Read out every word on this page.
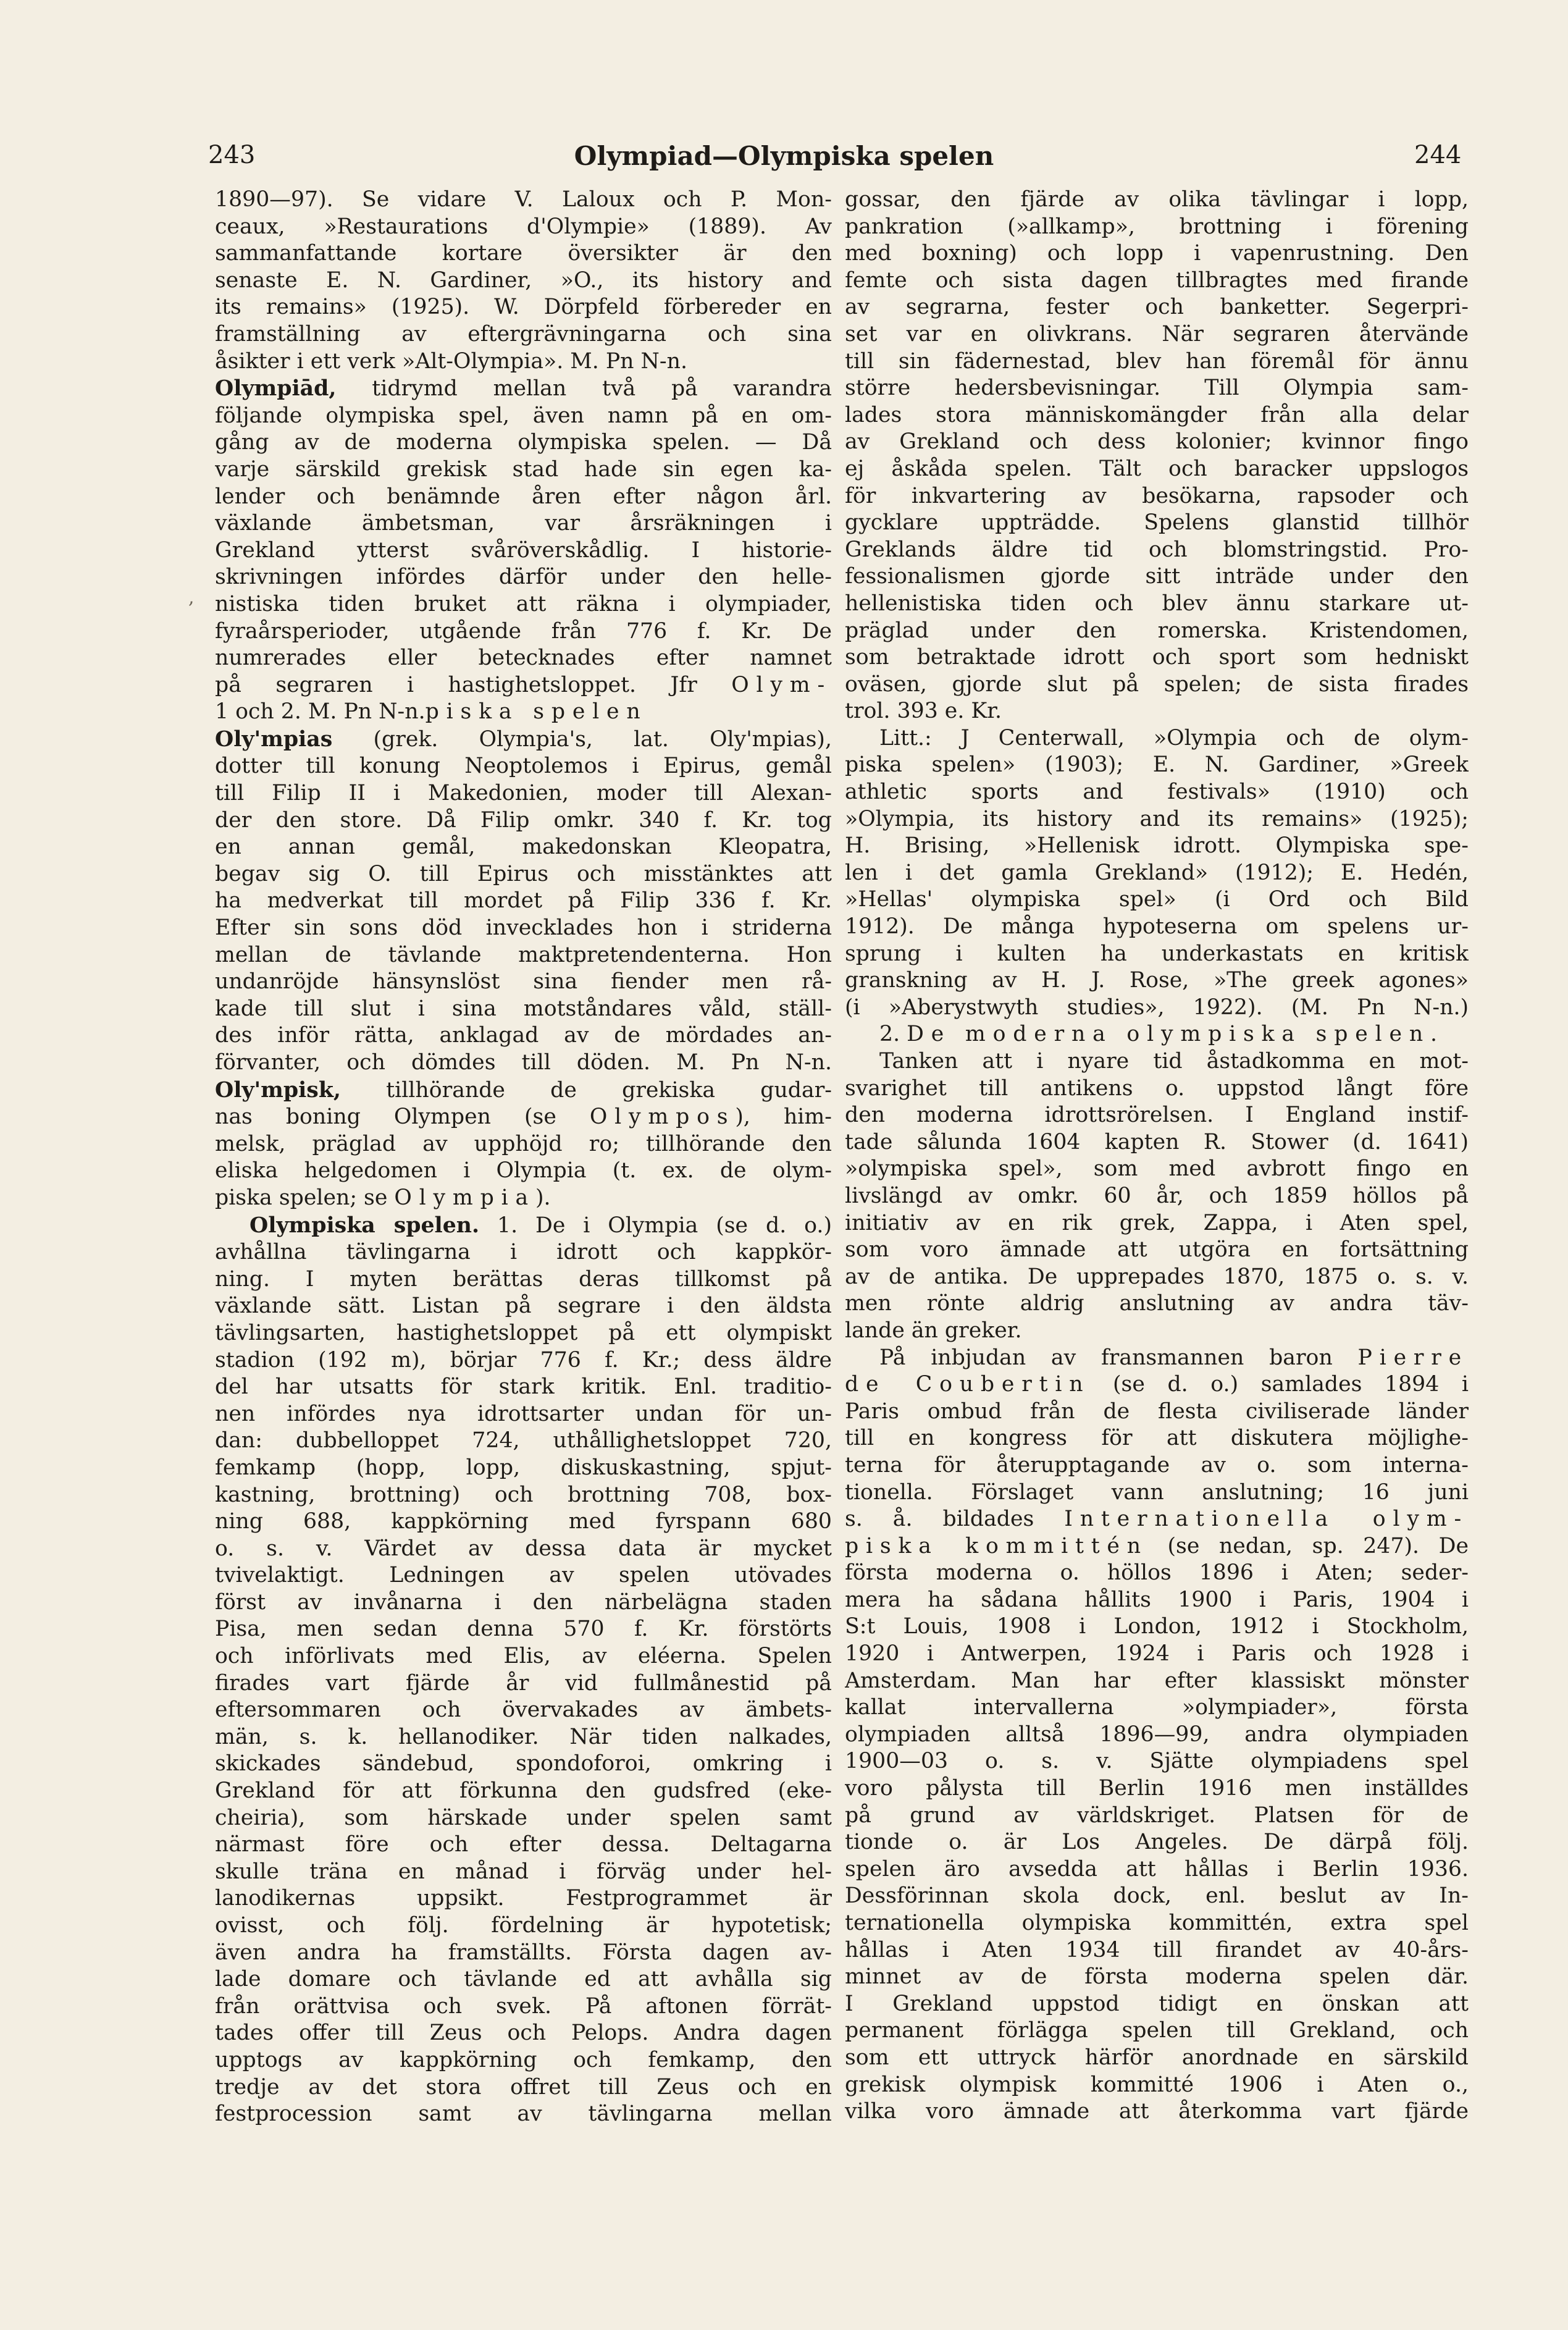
243	Olympiad—Olympiska spelen	244
,

1890—97). Se vidare V. Laloux och P. Mon-

ceaux, »Restaurations d'Olympie» (1889). Av

sammanfattande kortare översikter är den

senaste E. N. Gardiner, »O., its history and

its remains» (1925). W. Dörpfeld förbereder en

framställning av eftergrävningarna och sina

åsikter i ett verk »Alt-Olympia». M. Pn N-n.

Olympiād, tidrymd mellan två på varandra

följande olympiska spel, även namn på en om-

gång av de moderna olympiska spelen. — Då

varje särskild grekisk stad hade sin egen ka-

lender och benämnde åren efter någon årl.

växlande ämbetsman, var årsräkningen i

Grekland ytterst svåröverskådlig. I historie-

skrivningen infördes därför under den helle-

nistiska tiden bruket att räkna i olympiader,

fyraårsperioder, utgående från 776 f. Kr. De

numrerades eller betecknades efter namnet

på segraren i hastighetsloppet. Jfr Olym-

1 och 2. M. Pn N-n.piska spelen

Oly'mpias (grek. Olympia's, lat. Oly'mpias),

dotter till konung Neoptolemos i Epirus, gemål

till Filip II i Makedonien, moder till Alexan-

der den store. Då Filip omkr. 340 f. Kr. tog

en annan gemål, makedonskan Kleopatra,

begav sig O. till Epirus och misstänktes att

ha medverkat till mordet på Filip 336 f. Kr.

Efter sin sons död invecklades hon i striderna

mellan de tävlande maktpretendenterna. Hon

undanröjde hänsynslöst sina fiender men rå-

kade till slut i sina motståndares våld, ställ-

des inför rätta, anklagad av de mördades an-

förvanter, och dömdes till döden. M. Pn N-n.

Oly'mpisk, tillhörande de grekiska gudar-

nas boning Olympen (se Olympos), him-

melsk, präglad av upphöjd ro; tillhörande den

eliska helgedomen i Olympia (t. ex. de olym-

piska spelen; se Olympia).

Olympiska spelen. 1. De i Olympia (se d. o.)

avhållna tävlingarna i idrott och kappkör-

ning. I myten berättas deras tillkomst på

växlande sätt. Listan på segrare i den äldsta

tävlingsarten, hastighetsloppet på ett olympiskt

stadion (192 m), börjar 776 f. Kr.; dess äldre

del har utsatts för stark kritik. Enl. traditio-

nen infördes nya idrottsarter undan för un-

dan: dubbelloppet 724, uthållighetsloppet 720,

femkamp (hopp, lopp, diskuskastning, spjut-

kastning, brottning) och brottning 708, box-

ning 688, kappkörning med fyrspann 680

o. s. v. Värdet av dessa data är mycket

tvivelaktigt. Ledningen av spelen utövades

först av invånarna i den närbelägna staden

Pisa, men sedan denna 570 f. Kr. förstörts

och införlivats med Elis, av eléerna. Spelen

firades vart fjärde år vid fullmånestid på

eftersommaren och övervakades av ämbets-

män, s. k. hellanodiker. När tiden nalkades,

skickades sändebud, spondoforoi, omkring i

Grekland för att förkunna den gudsfred (eke-

cheiria), som härskade under spelen samt

närmast före och efter dessa. Deltagarna

skulle träna en månad i förväg under hel-

lanodikernas uppsikt. Festprogrammet är

ovisst, och följ. fördelning är hypotetisk;

även andra ha framställts. Första dagen av-

lade domare och tävlande ed att avhålla sig

från orättvisa och svek. På aftonen förrät-

tades offer till Zeus och Pelops. Andra dagen

upptogs av kappkörning och femkamp, den

tredje av det stora offret till Zeus och en

festprocession samt av tävlingarna mellan

gossar, den fjärde av olika tävlingar i lopp,

pankration (»allkamp», brottning i förening

med boxning) och lopp i vapenrustning. Den

femte och sista dagen tillbragtes med firande

av segrarna, fester och banketter. Segerpri-

set var en olivkrans. När segraren återvände

till sin fädernestad, blev han föremål för ännu

större hedersbevisningar. Till Olympia sam-

lades stora människomängder från alla delar

av Grekland och dess kolonier; kvinnor fingo

ej åskåda spelen. Tält och baracker uppslogos

för inkvartering av besökarna, rapsoder och

gycklare uppträdde. Spelens glanstid tillhör

Greklands äldre tid och blomstringstid. Pro-

fessionalismen gjorde sitt inträde under den

hellenistiska tiden och blev ännu starkare ut-

präglad under den romerska. Kristendomen,

som betraktade idrott och sport som hedniskt

oväsen, gjorde slut på spelen; de sista firades

trol. 393 e. Kr.

Litt.: J Centerwall, »Olympia och de olym-

piska spelen» (1903); E. N. Gardiner, »Greek

athletic sports and festivals» (1910) och

»Olympia, its history and its remains» (1925);

H. Brising, »Hellenisk idrott. Olympiska spe-

len i det gamla Grekland» (1912); E. Hedén,

»Hellas' olympiska spel» (i Ord och Bild

1912). De många hypoteserna om spelens ur-

sprung i kulten ha underkastats en kritisk

granskning av H. J. Rose, »The greek agones»

(i »Aberystwyth studies», 1922). (M. Pn N-n.)

2. De moderna olympiska spelen.

Tanken att i nyare tid åstadkomma en mot-

svarighet till antikens o. uppstod långt före

den moderna idrottsrörelsen. I England instif-

tade sålunda 1604 kapten R. Stower (d. 1641)

»olympiska spel», som med avbrott fingo en

livslängd av omkr. 60 år, och 1859 höllos på

initiativ av en rik grek, Zappa, i Aten spel,

som voro ämnade att utgöra en fortsättning

av de antika. De upprepades 1870, 1875 o. s. v.

men rönte aldrig anslutning av andra täv-

lande än greker.

På inbjudan av fransmannen baron Pierre

de Coubertin (se d. o.) samlades 1894 i

Paris ombud från de flesta civiliserade länder

till en kongress för att diskutera möjlighe-

terna för återupptagande av o. som interna-

tionella. Förslaget vann anslutning; 16 juni

s. å. bildades Internationella olym-

piska kommittén (se nedan, sp. 247). De

första moderna o. höllos 1896 i Aten; seder-

mera ha sådana hållits 1900 i Paris, 1904 i

S:t Louis, 1908 i London, 1912 i Stockholm,

1920 i Antwerpen, 1924 i Paris och 1928 i

Amsterdam. Man har efter klassiskt mönster

kallat intervallerna »olympiader», första

olympiaden alltså 1896—99, andra olympiaden

1900—03 o. s. v. Sjätte olympiadens spel

voro pålysta till Berlin 1916 men inställdes

på grund av världskriget. Platsen för de

tionde o. är Los Angeles. De därpå följ.

spelen äro avsedda att hållas i Berlin 1936.

Dessförinnan skola dock, enl. beslut av In-

ternationella olympiska kommittén, extra spel

hållas i Aten 1934 till firandet av 40-års-

minnet av de första moderna spelen där.

I Grekland uppstod tidigt en önskan att

permanent förlägga spelen till Grekland, och

som ett uttryck härför anordnade en särskild

grekisk olympisk kommitté 1906 i Aten o.,

vilka voro ämnade att återkomma vart fjärde
